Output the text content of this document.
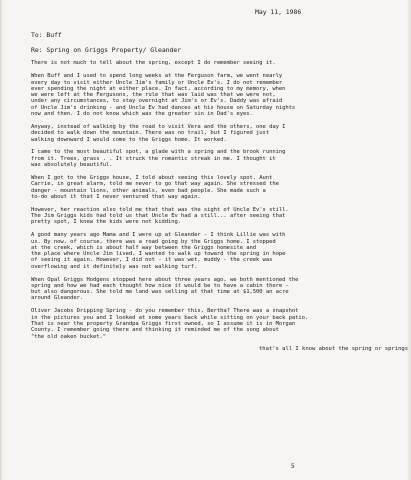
May 11, 1986

To: Buff

Re: Spring on Griggs Property/ Gleander

There is not much to tell about the spring, except I do remember seeing it.

When Buff and I used to spend long weeks at the Ferguson farm, we went nearly
every day to visit either Uncle Jim's family or Uncle Ev's. I do not remember
ever spending the night at either place. In fact, according to my memory, when
we were left at the Fergusons, the rule that was laid was that we were not,
under any circumstances, to stay overnight at Jim's or Ev's. Daddy was afraid
of Uncle Jim's drinking - and Uncle Ev had dances at his house on Saturday nights
now and then. I do not know which was the greater sin in Dad's eyes.

Anyway, instead of walking by the road to visit Vera and the others, one day I
decided to walk down the mountain. There was no trail, but I figured just
walking downward I would come to the Griggs home. It worked.

I came to the most beautiful spot, a glade with a spring and the brook running
from it. Trees, grass . . It struck the romantic streak in me. I thought it
was absolutely beautiful.

When I got to the Griggs house, I told about seeing this lovely spot. Aunt
Carrie, in great alarm, told me never to go that way again. She stressed the
danger - mountain lions, other animals, even bad people. She made such a
to-do about it that I never ventured that way again.

However, her reaction also told me that that was the sight of Uncle Ev's still.
The Jim Griggs kids had told us that Uncle Ev had a still... after seeing that
pretty spot, I knew the kids were not kidding.

A good many years ago Mama and I were up at Gleander - I think Lillie was with
us. By now, of course, there was a road going by the Griggs home. I stopped
at the creek, which is about half way between the Griggs homesite and
the place where Uncle Jim lived. I wanted to walk up toward the spring in hope
of seeing it again. However, I did not - it was wet, muddy - the creek was
overflowing and it definitely was not walking turf.

When Opal Griggs Hodgens stopped here about three years ago, we both mentioned the
spring and how we had each thought how nice it would be to have a cabin there -
but also dangerous. She told me land was selling at that time at $1,500 an acre
around Gleander.

Oliver Jacobs Dripping Spring - do you remember this, Bertha? There was a snapshot
in the pictures you and I looked at some years back while sitting on your back patio.
That is near the property Grandpa Griggs first owned, so I assume it is in Morgan
County. I remember going there and thinking it reminded me of the song about
"the old oaken bucket."

that's all I know about the spring or springs

5
